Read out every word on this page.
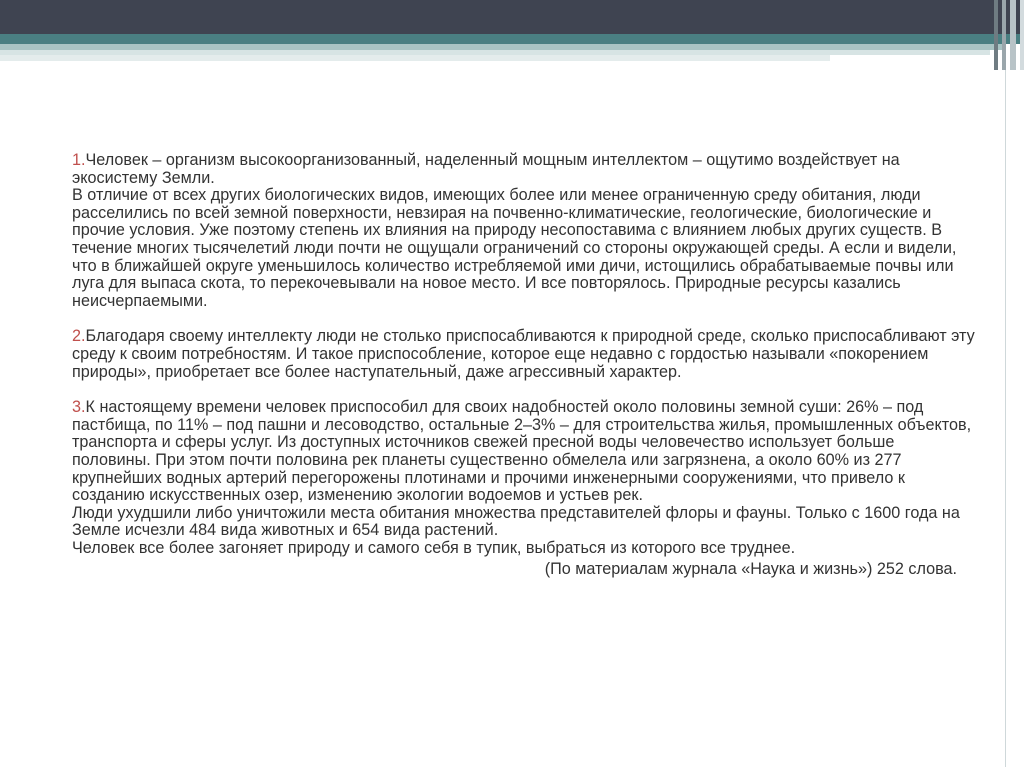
1.Человек – организм высокоорганизованный, наделенный мощным интеллектом – ощутимо воздействует на экосистему Земли.
В отличие от всех других биологических видов, имеющих более или менее ограниченную среду обитания, люди расселились по всей земной поверхности, невзирая на почвенно-климатические, геологические, биологические и прочие условия. Уже поэтому степень их влияния на природу несопоставима с влиянием любых других существ. В течение многих тысячелетий люди почти не ощущали ограничений со стороны окружающей среды. А если и видели, что в ближайшей округе уменьшилось количество истребляемой ими дичи, истощились обрабатываемые почвы или луга для выпаса скота, то перекочевывали на новое место. И все повторялось. Природные ресурсы казались неисчерпаемыми.

2.Благодаря своему интеллекту люди не столько приспосабливаются к природной среде, сколько приспосабливают эту среду к своим потребностям. И такое приспособление, которое еще недавно с гордостью называли «покорением природы», приобретает все более наступательный, даже агрессивный характер.

3.К настоящему времени человек приспособил для своих надобностей около половины земной суши: 26% – под пастбища, по 11% – под пашни и лесоводство, остальные 2–3% – для строительства жилья, промышленных объектов, транспорта и сферы услуг. Из доступных источников свежей пресной воды человечество использует больше половины. При этом почти половина рек планеты существенно обмелела или загрязнена, а около 60% из 277 крупнейших водных артерий перегорожены плотинами и прочими инженерными сооружениями, что привело к созданию искусственных озер, изменению экологии водоемов и устьев рек.
Люди ухудшили либо уничтожили места обитания множества представителей флоры и фауны. Только с 1600 года на Земле исчезли 484 вида животных и 654 вида растений.
Человек все более загоняет природу и самого себя в тупик, выбраться из которого все труднее.
(По материалам журнала «Наука и жизнь») 252 слова.
